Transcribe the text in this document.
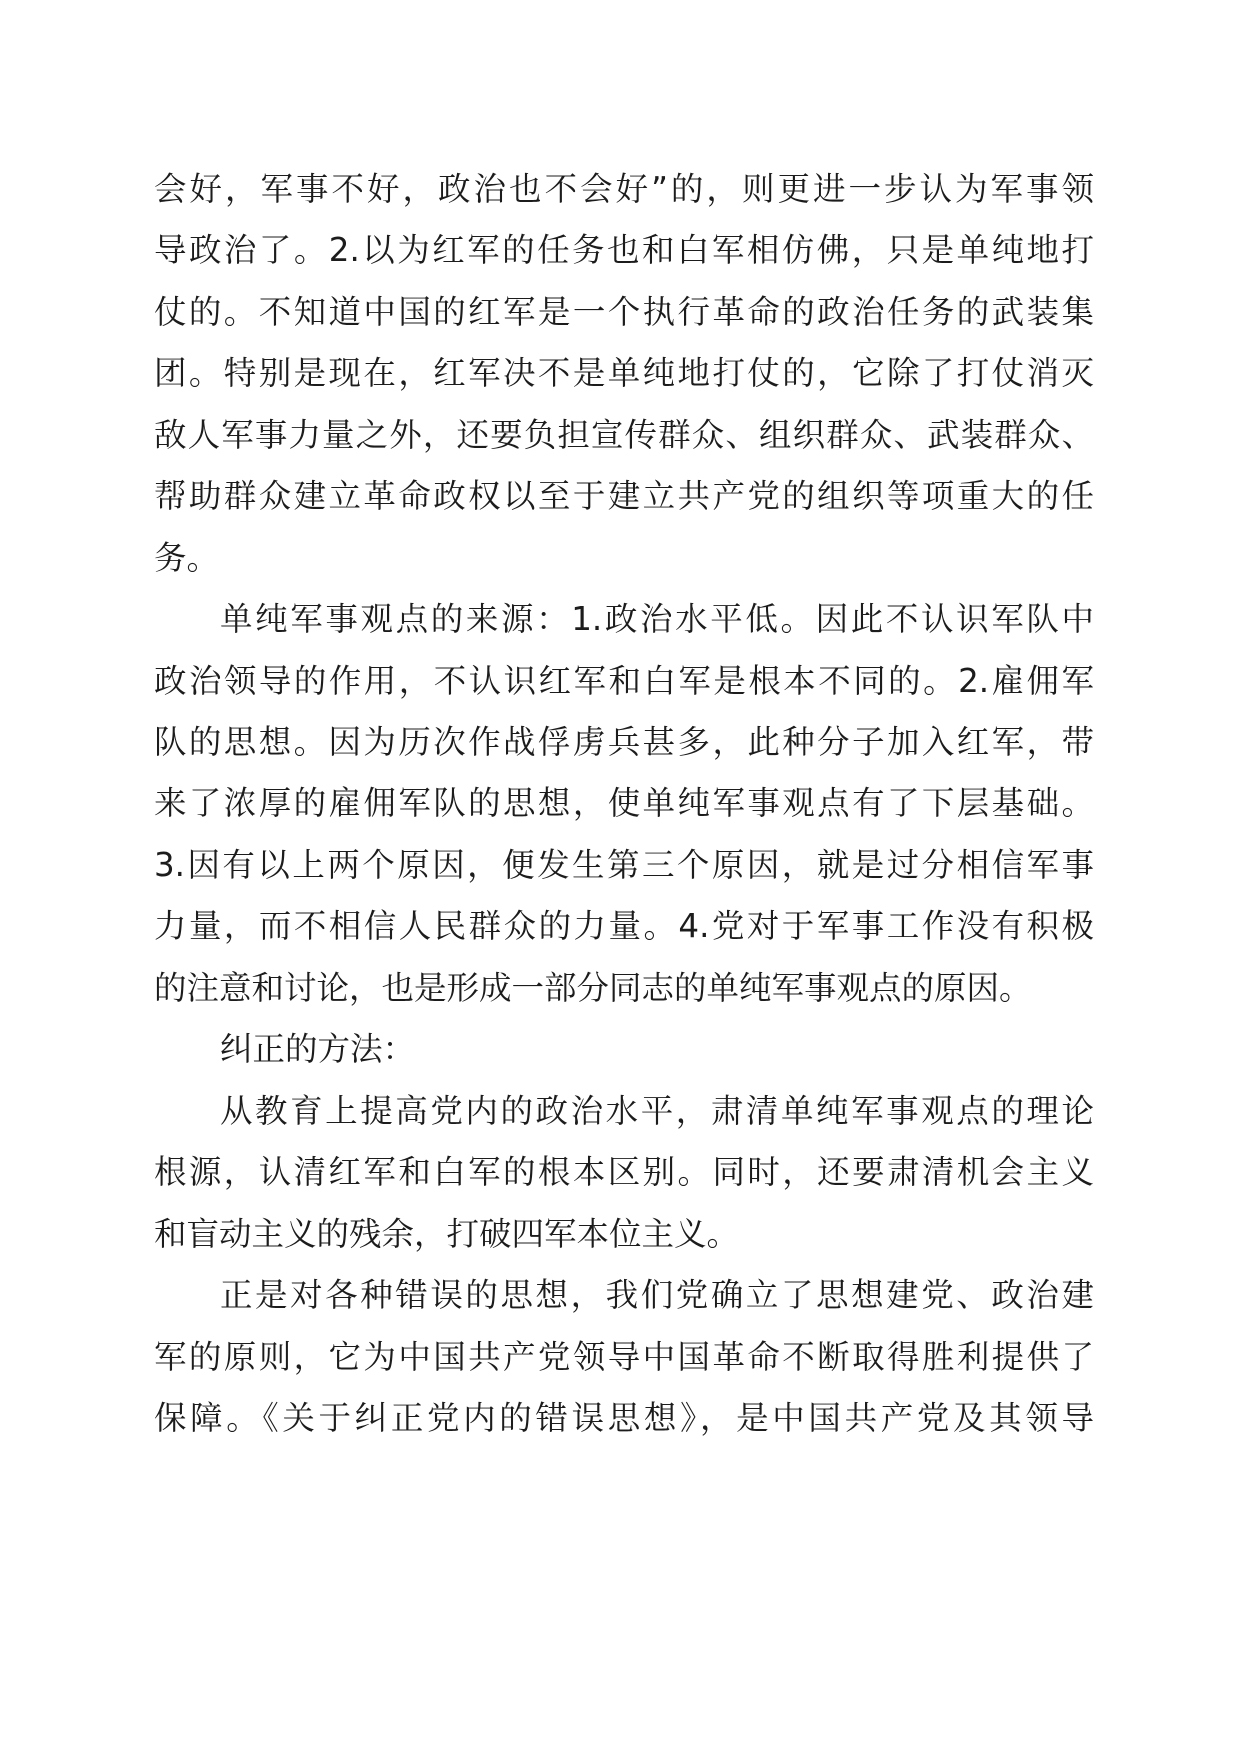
会好，军事不好，政治也不会好”的，则更进一步认为军事领
导政治了。2.以为红军的任务也和白军相仿佛，只是单纯地打
仗的。不知道中国的红军是一个执行革命的政治任务的武装集
团。特别是现在，红军决不是单纯地打仗的，它除了打仗消灭
敌人军事力量之外，还要负担宣传群众、组织群众、武装群众、
帮助群众建立革命政权以至于建立共产党的组织等项重大的任
务。
单纯军事观点的来源：1.政治水平低。因此不认识军队中
政治领导的作用，不认识红军和白军是根本不同的。2.雇佣军
队的思想。因为历次作战俘虏兵甚多，此种分子加入红军，带
来了浓厚的雇佣军队的思想，使单纯军事观点有了下层基础。
3.因有以上两个原因，便发生第三个原因，就是过分相信军事
力量，而不相信人民群众的力量。4.党对于军事工作没有积极
的注意和讨论，也是形成一部分同志的单纯军事观点的原因。
纠正的方法：
从教育上提高党内的政治水平，肃清单纯军事观点的理论
根源，认清红军和白军的根本区别。同时，还要肃清机会主义
和盲动主义的残余，打破四军本位主义。
正是对各种错误的思想，我们党确立了思想建党、政治建
军的原则，它为中国共产党领导中国革命不断取得胜利提供了
保障。《关于纠正党内的错误思想》，是中国共产党及其领导
